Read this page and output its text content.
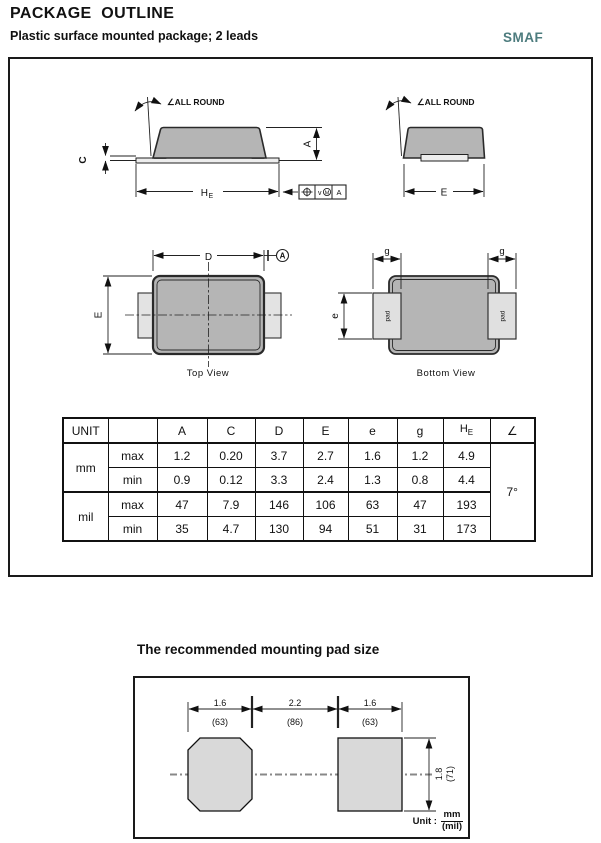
PACKAGE  OUTLINE
Plastic surface mounted package; 2 leads	SMAF
∠ALL ROUND
C
A
H E	v M A
∠ALL ROUND
E
D	A
E
Top View
pad	pad
g	g
e
Bottom View
UNIT		A	C	D	E	e	g	$H_E$	∠
mm	max	1.2	0.20	3.7	2.7	1.6	1.2	4.9	7°
	min	0.9	0.12	3.3	2.4	1.3	0.8	4.4	
mil	max	47	7.9	146	106	63	47	193	
	min	35	4.7	130	94	51	31	173	
The recommended mounting pad size
1.6
(63)
2.2
(86)
1.6
(63)
1.8 (71)
Unit : $\frac{mm}{\text{(mil)}}$
